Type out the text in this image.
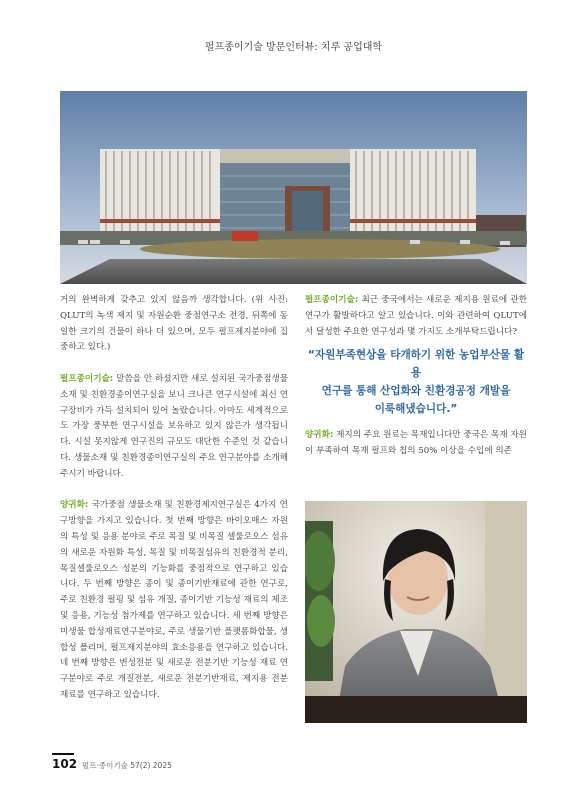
펄프종이기술 방문인터뷰: 치루 공업대학

거의 완벽하게 갖추고 있지 않음까 생각합니다. (위 사진: QLUT의 녹색 제지 및 자원순환 중점연구소 전경, 뒤쪽에 동일한 크기의 건물이 하나 더 있으며, 모두 펄프제지분야에 집중하고 있다.)

펄프종이기술: 말씀을 안 하셨지만 새로 설치된 국가중점생물소재 및 친환경종이연구실을 보니 크나큰 연구시설에 최신 연구장비가 가득 설치되어 있어 놀랐습니다. 아마도 세계적으로도 가장 풍부한 연구시설을 보유하고 있지 않은가 생각됩니다. 시설 못지않게 연구진의 규모도 대단한 수준인 것 같습니다. 생물소재 및 친환경종이연구실의 주요 연구분야를 소개해 주시기 바랍니다.

양귀화: 국가중점 생물소재 및 친환경제지연구실은 4가지 연구방향을 가지고 있습니다. 첫 번째 방향은 바이오매스 자원의 특성 및 응용 분야로 주로 목질 및 비목질 셀룰로오스 섬유의 새로운 자원화 특성, 목질 및 비목질섬유의 친환경적 분리, 목질셀룰로오스 성분의 기능화를 중점적으로 연구하고 있습니다. 두 번째 방향은 종이 및 종이기반재료에 관한 연구로, 주로 친환경 펄핑 및 섬유 개질, 종이기반 기능성 재료의 제조 및 응용, 기능성 첨가제를 연구하고 있습니다. 세 번째 방향은 미생물 합성재료연구분야로, 주로 생물기반 플랫폼화합물, 생합성 폴리머, 펄프제지분야의 효소응용을 연구하고 있습니다. 네 번째 방향은 변성전분 및 새로운 전분기반 기능성 재료 연구분야로 주로 개질전분, 새로운 전분기반재료, 제지용 전분재료를 연구하고 있습니다.

펄프종이기술: 최근 중국에서는 새로운 제지용 원료에 관한 연구가 활발하다고 알고 있습니다. 이와 관련하여 QLUT에서 달성한 주요한 연구성과 몇 가지도 소개부탁드립니다?

“자원부족현상을 타개하기 위한 농업부산물 활용
연구를 통해 산업화와 친환경공정 개발을
이룩해냈습니다.”

양귀화: 제지의 주요 원료는 목재입니다만 중국은 목재 자원이 부족하여 목재 펄프와 칩의 50% 이상을 수입에 의존

102 펄프·종이기술 57(2) 2025
